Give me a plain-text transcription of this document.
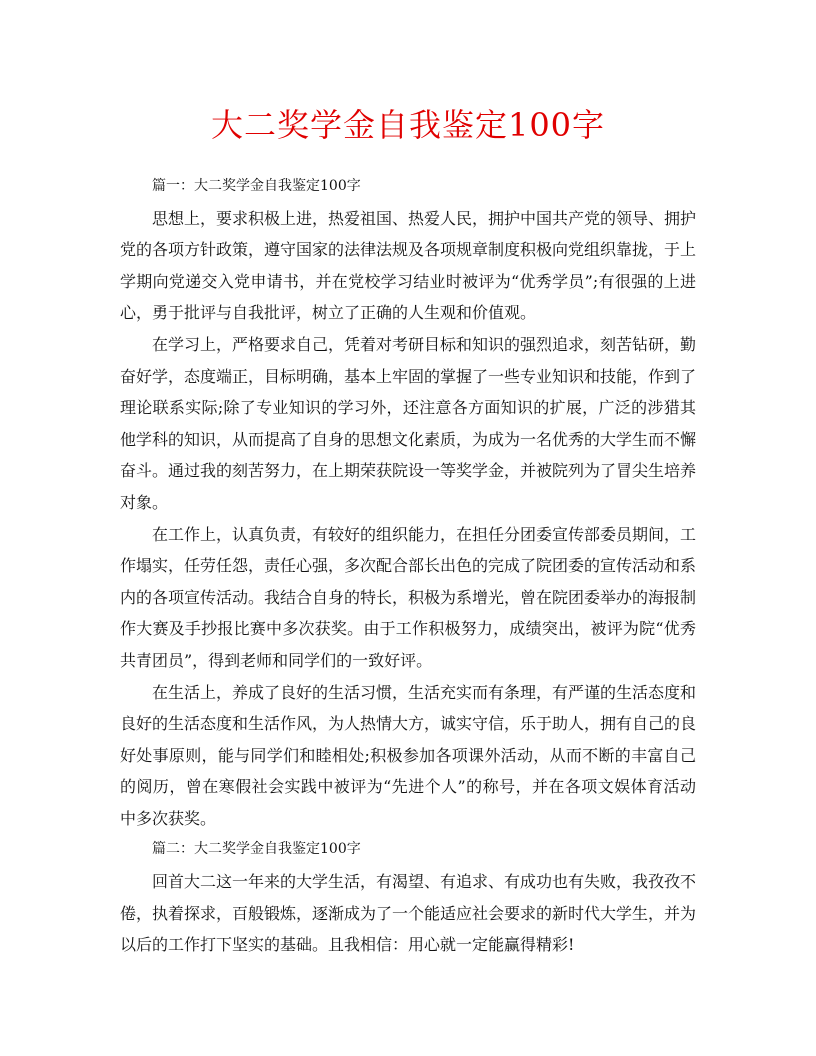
大二奖学金自我鉴定100字

篇一：大二奖学金自我鉴定100字

思想上，要求积极上进，热爱祖国、热爱人民，拥护中国共产党的领导、拥护党的各项方针政策，遵守国家的法律法规及各项规章制度积极向党组织靠拢，于上学期向党递交入党申请书，并在党校学习结业时被评为“优秀学员”;有很强的上进心，勇于批评与自我批评，树立了正确的人生观和价值观。

在学习上，严格要求自己，凭着对考研目标和知识的强烈追求，刻苦钻研，勤奋好学，态度端正，目标明确，基本上牢固的掌握了一些专业知识和技能，作到了理论联系实际;除了专业知识的学习外，还注意各方面知识的扩展，广泛的涉猎其他学科的知识，从而提高了自身的思想文化素质，为成为一名优秀的大学生而不懈奋斗。通过我的刻苦努力，在上期荣获院设一等奖学金，并被院列为了冒尖生培养对象。

在工作上，认真负责，有较好的组织能力，在担任分团委宣传部委员期间，工作塌实，任劳任怨，责任心强，多次配合部长出色的完成了院团委的宣传活动和系内的各项宣传活动。我结合自身的特长，积极为系增光，曾在院团委举办的海报制作大赛及手抄报比赛中多次获奖。由于工作积极努力，成绩突出，被评为院“优秀共青团员”，得到老师和同学们的一致好评。

在生活上，养成了良好的生活习惯，生活充实而有条理，有严谨的生活态度和良好的生活态度和生活作风，为人热情大方，诚实守信，乐于助人，拥有自己的良好处事原则，能与同学们和睦相处;积极参加各项课外活动，从而不断的丰富自己的阅历，曾在寒假社会实践中被评为“先进个人”的称号，并在各项文娱体育活动中多次获奖。

篇二：大二奖学金自我鉴定100字

回首大二这一年来的大学生活，有渴望、有追求、有成功也有失败，我孜孜不倦，执着探求，百般锻炼，逐渐成为了一个能适应社会要求的新时代大学生，并为以后的工作打下坚实的基础。且我相信：用心就一定能赢得精彩!
